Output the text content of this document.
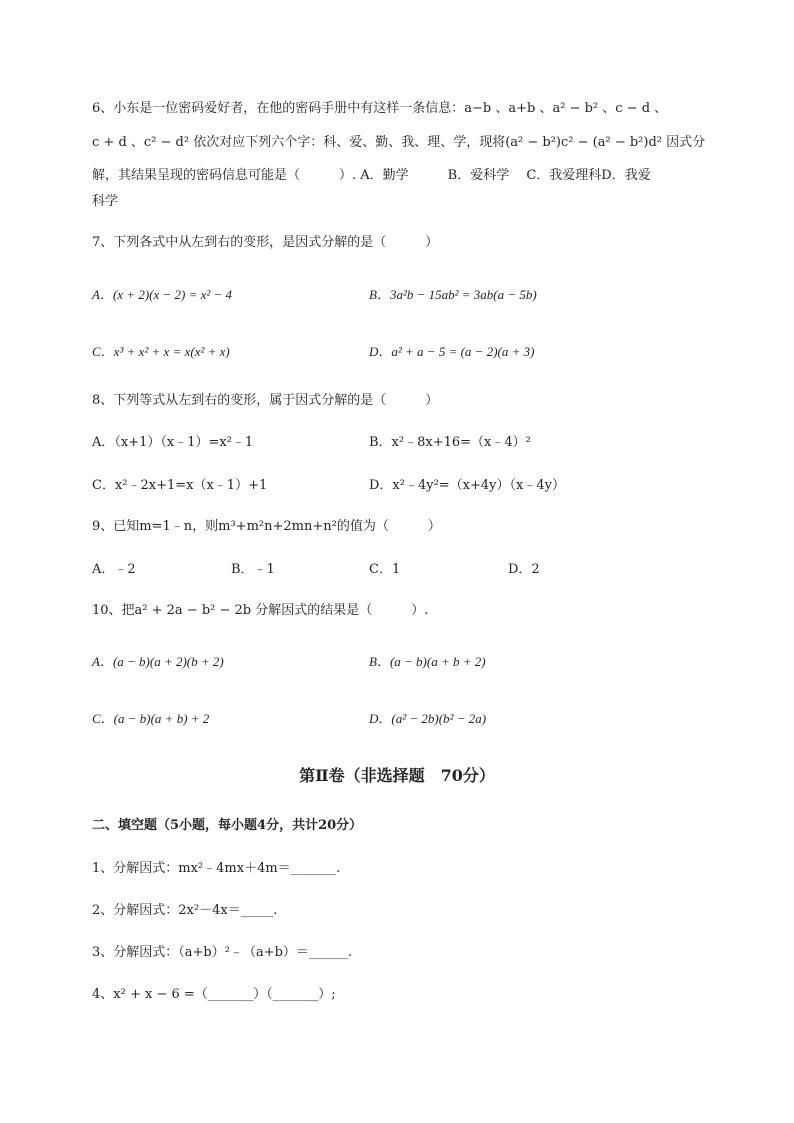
6、小东是一位密码爱好者，在他的密码手册中有这样一条信息：a−b 、a+b 、a² − b² 、c − d 、
c + d 、c² − d² 依次对应下列六个字：科、爱、勤、我、理、学，现将(a² − b²)c² − (a² − b²)d² 因式分
解，其结果呈现的密码信息可能是（　　　）. A．勤学　　　B．爱科学　 C．我爱理科D．我爱
科学
7、下列各式中从左到右的变形，是因式分解的是（　　　）
A．(x + 2)(x − 2) = x² − 4	B．3a²b − 15ab² = 3ab(a − 5b)
C．x³ + x² + x = x(x² + x)	D．a² + a − 5 = (a − 2)(a + 3)
8、下列等式从左到右的变形，属于因式分解的是（　　　）
A．（x+1）（x﹣1）=x²﹣1	B．x²﹣8x+16=（x﹣4）²
C．x²﹣2x+1=x（x﹣1）+1	D．x²﹣4y²=（x+4y）（x﹣4y）
9、已知m=1﹣n，则m³+m²n+2mn+n²的值为（　　　）
A．﹣2	B．﹣1	C．1	D．2
10、把a² + 2a − b² − 2b 分解因式的结果是（　　　）.
A．(a − b)(a + 2)(b + 2)	B．(a − b)(a + b + 2)
C．(a − b)(a + b) + 2	D．(a² − 2b)(b² − 2a)
第Ⅱ卷（非选择题　70分）
二、填空题（5小题，每小题4分，共计20分）
1、分解因式：mx²﹣4mx＋4m＝_______.
2、分解因式：2x²－4x＝_____.
3、分解因式：（a+b）²﹣（a+b）＝______.
4、x² + x − 6 =（_______）（_______）;
